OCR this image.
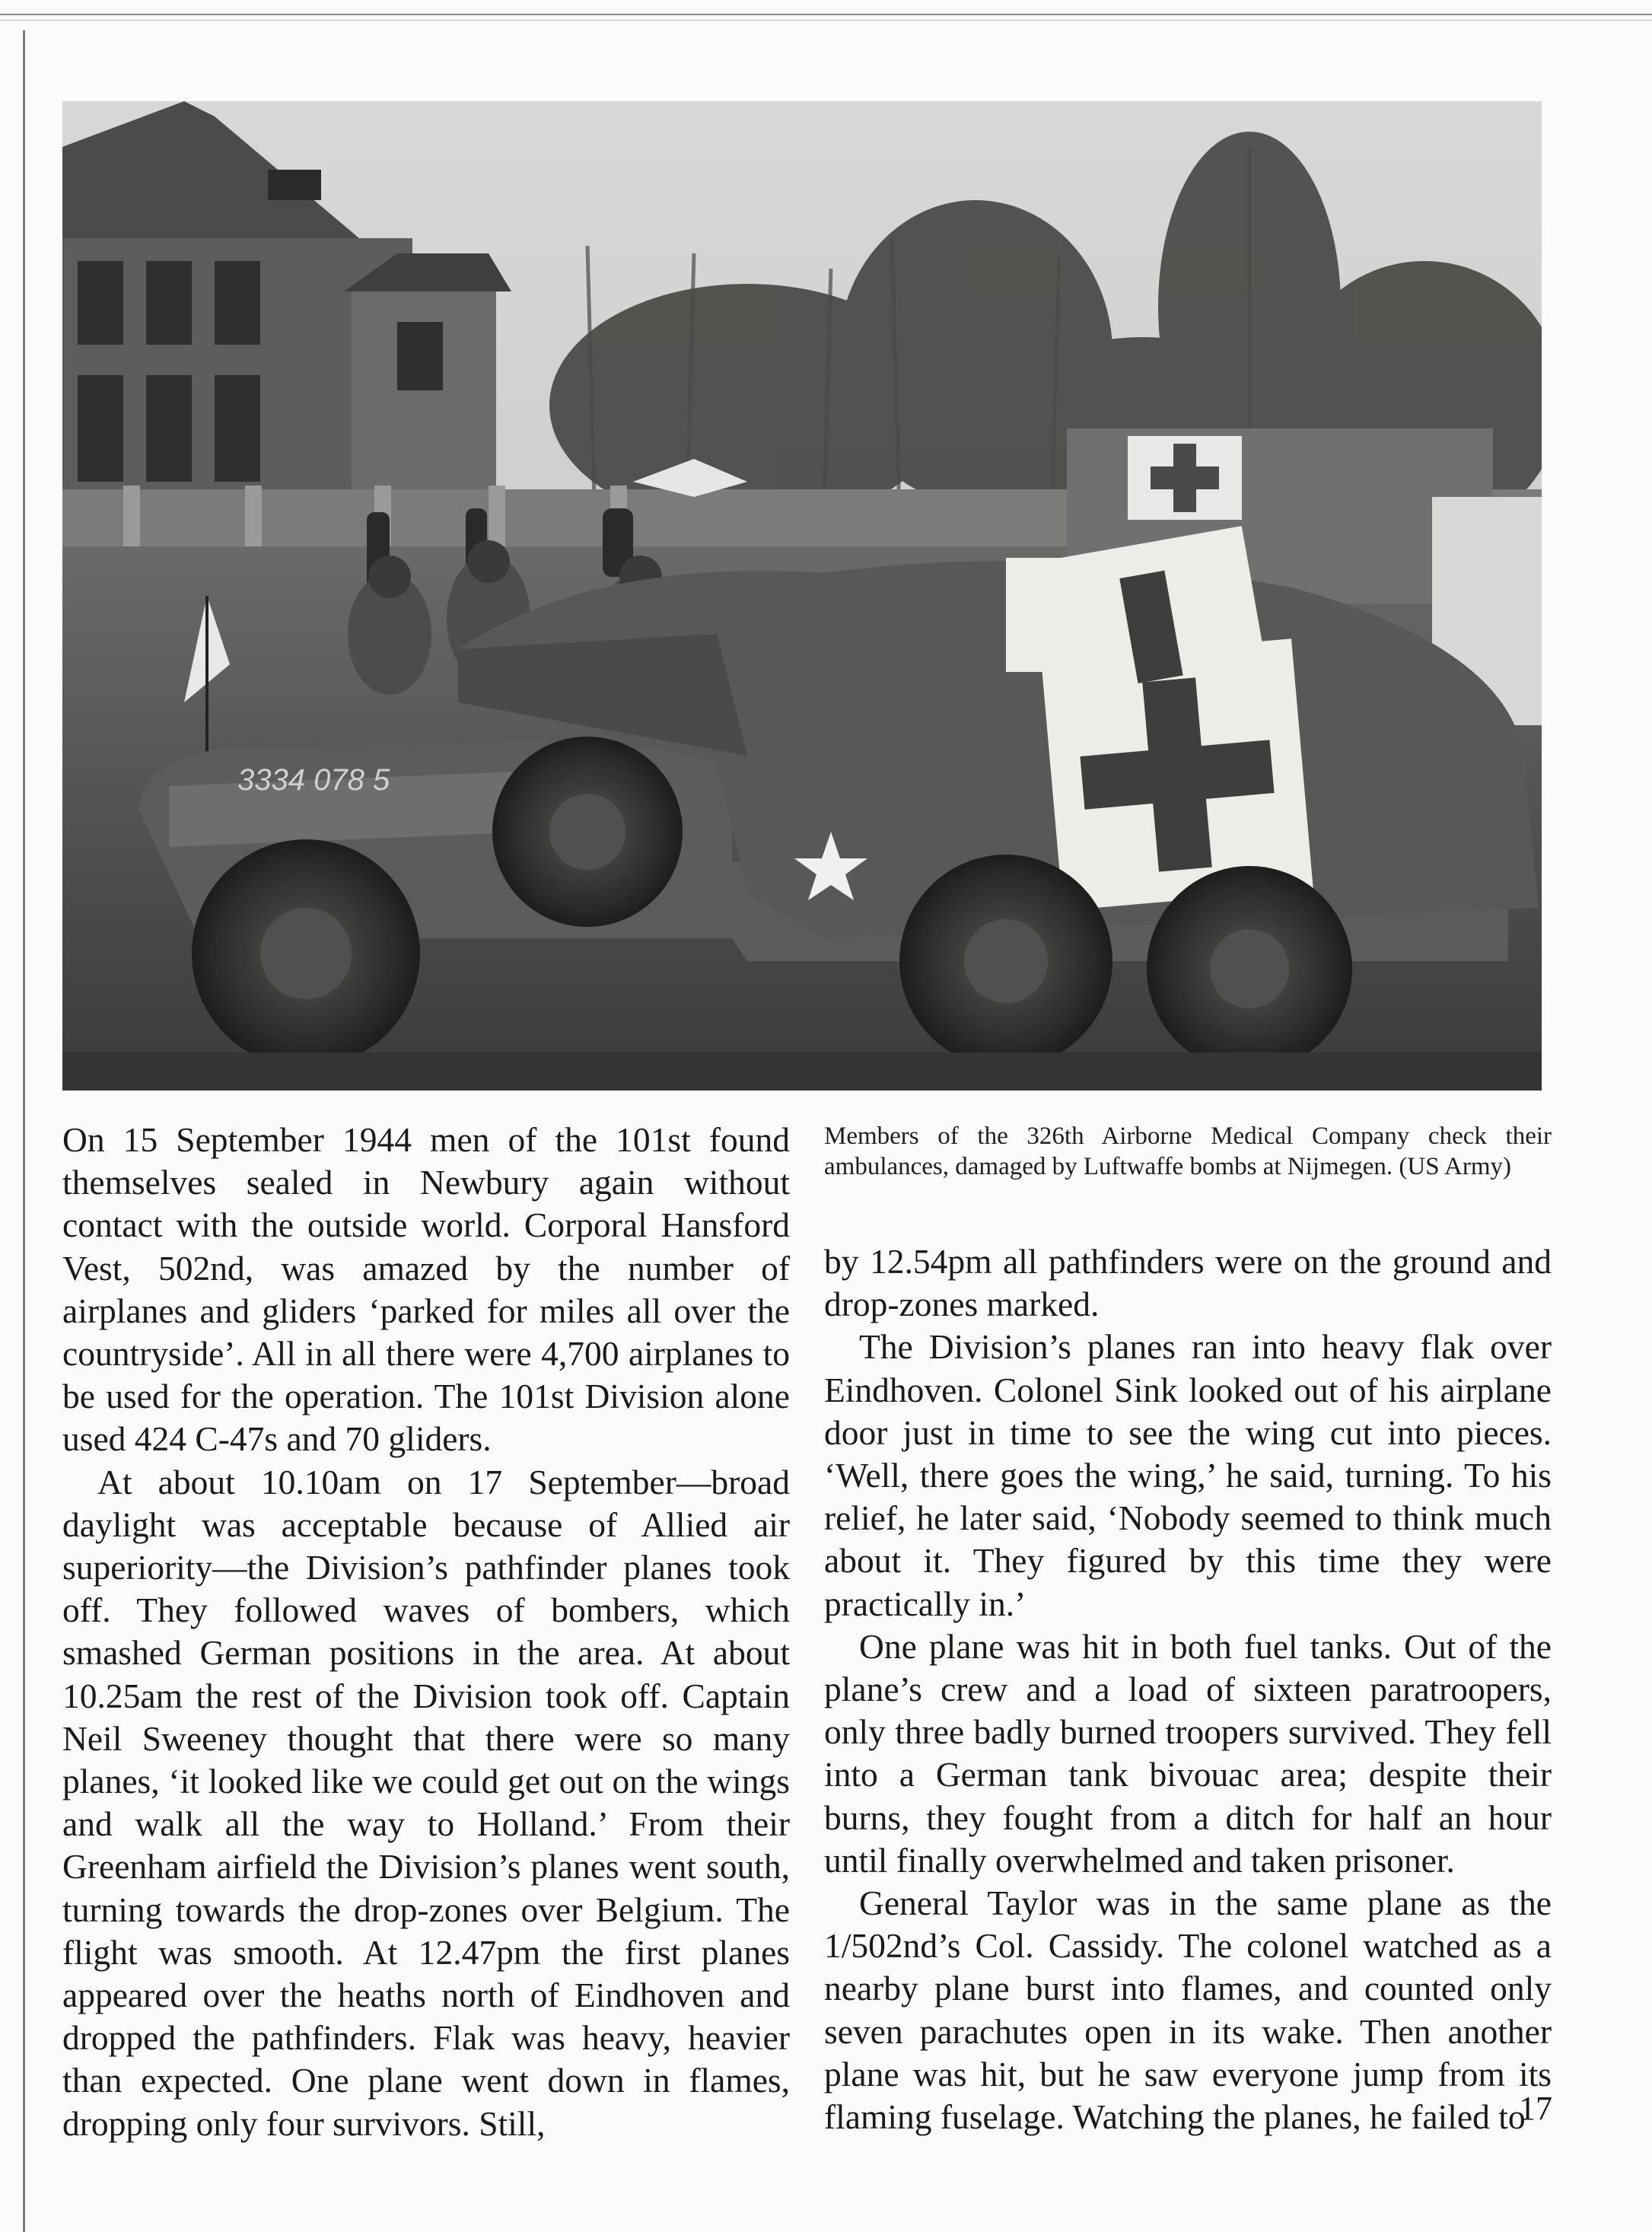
3334 078 5

On 15 September 1944 men of the 101st found themselves sealed in Newbury again without contact with the outside world. Corporal Hansford Vest, 502nd, was amazed by the number of airplanes and gliders ‘parked for miles all over the countryside’. All in all there were 4,700 airplanes to be used for the operation. The 101st Division alone used 424 C-47s and 70 gliders.

At about 10.10am on 17 September—broad daylight was acceptable because of Allied air superiority—the Division’s pathfinder planes took off. They followed waves of bombers, which smashed German positions in the area. At about 10.25am the rest of the Division took off. Captain Neil Sweeney thought that there were so many planes, ‘it looked like we could get out on the wings and walk all the way to Holland.’ From their Greenham airfield the Division’s planes went south, turning towards the drop-zones over Belgium. The flight was smooth. At 12.47pm the first planes appeared over the heaths north of Eindhoven and dropped the pathfinders. Flak was heavy, heavier than expected. One plane went down in flames, dropping only four survivors. Still,

Members of the 326th Airborne Medical Company check their ambulances, damaged by Luftwaffe bombs at Nijmegen. (US Army)

by 12.54pm all pathfinders were on the ground and drop-zones marked.

The Division’s planes ran into heavy flak over Eindhoven. Colonel Sink looked out of his airplane door just in time to see the wing cut into pieces. ‘Well, there goes the wing,’ he said, turning. To his relief, he later said, ‘Nobody seemed to think much about it. They figured by this time they were practically in.’

One plane was hit in both fuel tanks. Out of the plane’s crew and a load of sixteen paratroopers, only three badly burned troopers survived. They fell into a German tank bivouac area; despite their burns, they fought from a ditch for half an hour until finally overwhelmed and taken prisoner.

General Taylor was in the same plane as the 1/502nd’s Col. Cassidy. The colonel watched as a nearby plane burst into flames, and counted only seven parachutes open in its wake. Then another plane was hit, but he saw everyone jump from its flaming fuselage. Watching the planes, he failed to

17
